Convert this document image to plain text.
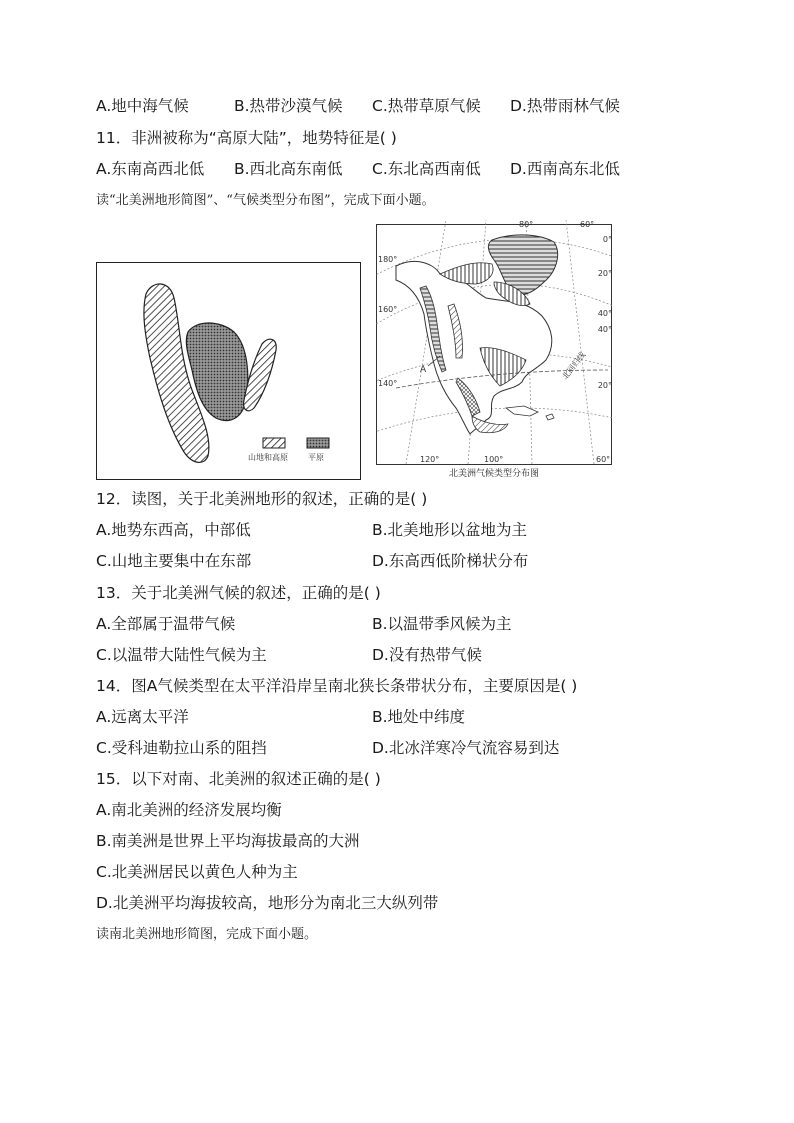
A.地中海气候	B.热带沙漠气候 C.热带草原气候 D.热带雨林气候
11．非洲被称为“高原大陆”，地势特征是( )
A.东南高西北低 B.西北高东南低 C.东北高西南低 D.西南高东北低
读“北美洲地形简图”、“气候类型分布图”，完成下面小题。
山地和高原	平原
北回归线
A
80°	60°
120°	100°	60°
0°
20°
40°
40°
20°
180°
160°
140°
北美洲气候类型分布图
12．读图，关于北美洲地形的叙述，正确的是( )
A.地势东西高，中部低	B.北美地形以盆地为主
C.山地主要集中在东部	D.东高西低阶梯状分布
13．关于北美洲气候的叙述，正确的是( )
A.全部属于温带气候	B.以温带季风候为主
C.以温带大陆性气候为主	D.没有热带气候
14．图A气候类型在太平洋沿岸呈南北狭长条带状分布，主要原因是( )
A.远离太平洋	B.地处中纬度
C.受科迪勒拉山系的阻挡	D.北冰洋寒冷气流容易到达
15．以下对南、北美洲的叙述正确的是( )
A.南北美洲的经济发展均衡
B.南美洲是世界上平均海拔最高的大洲
C.北美洲居民以黄色人种为主
D.北美洲平均海拔较高，地形分为南北三大纵列带
读南北美洲地形简图，完成下面小题。
